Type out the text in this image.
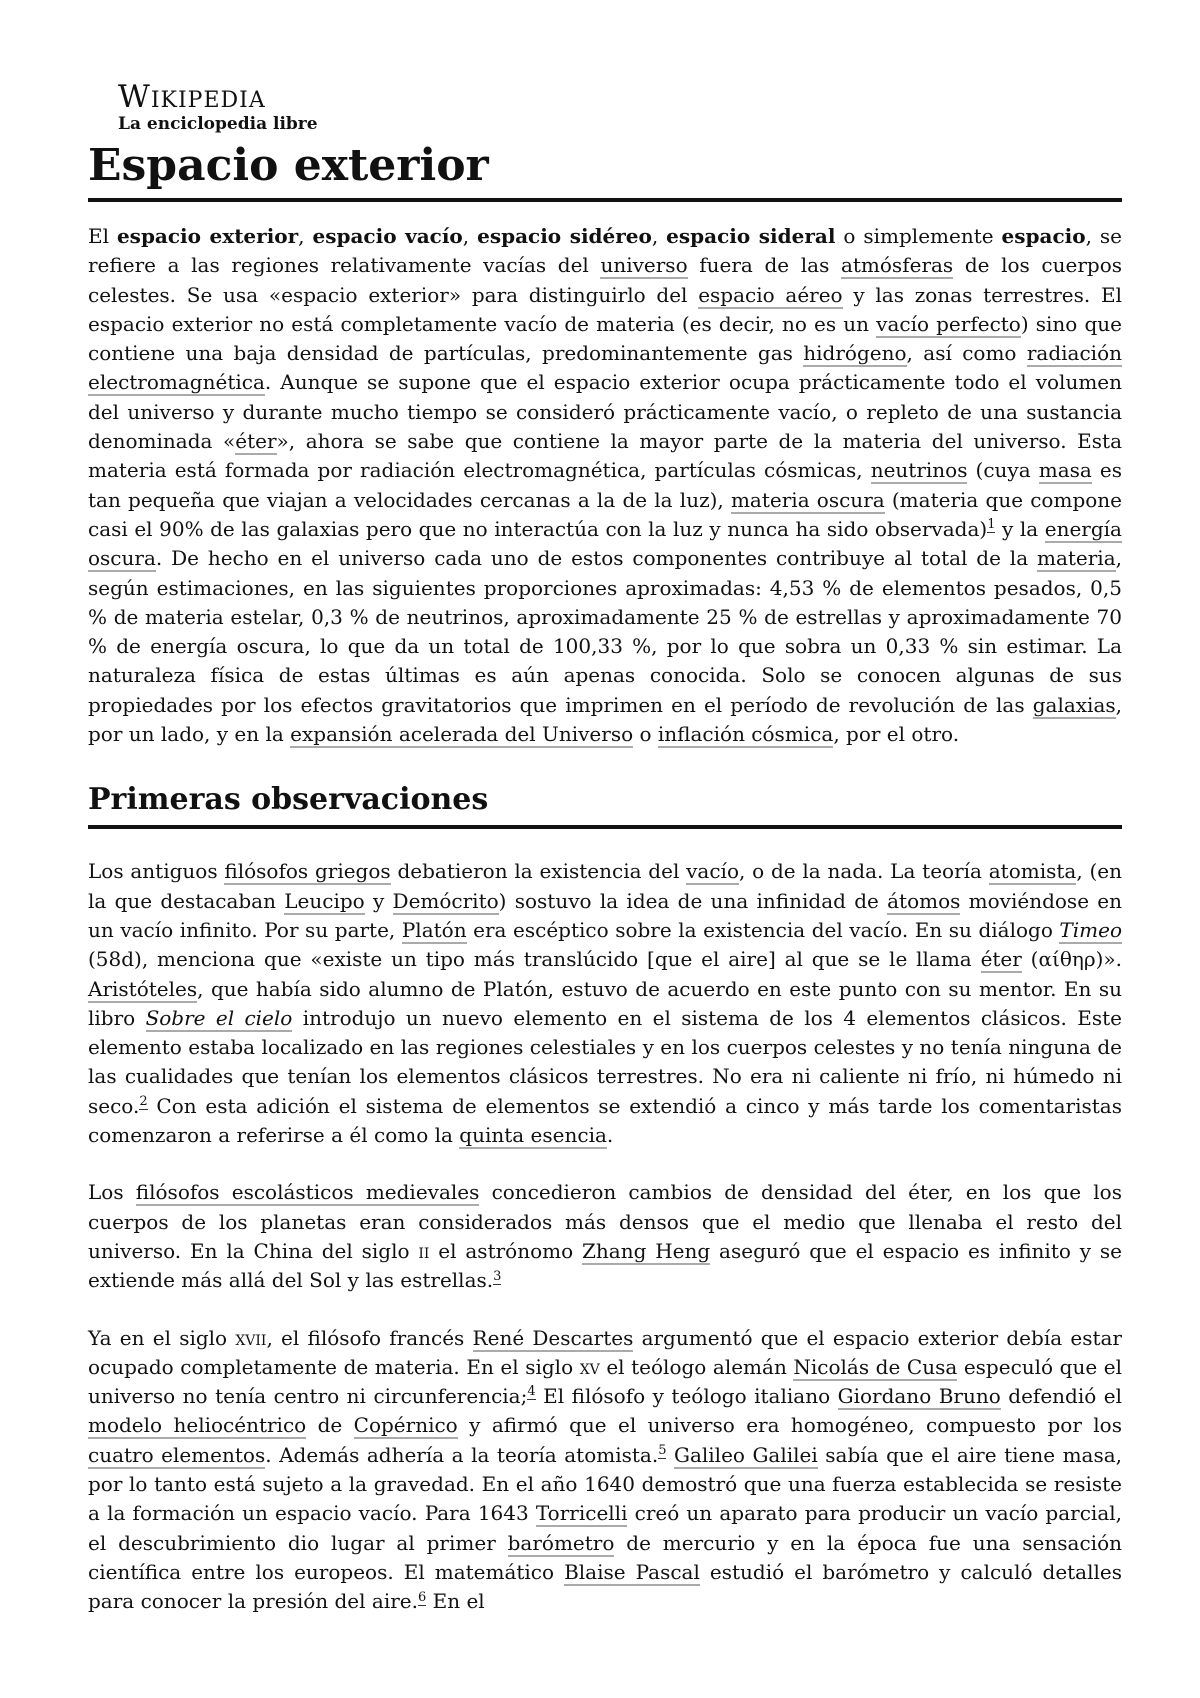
Wikipedia
La enciclopedia libre
Espacio exterior

El espacio exterior, espacio vacío, espacio sidéreo, espacio sideral o simplemente espacio, se refiere a las regiones relativamente vacías del universo fuera de las atmósferas de los cuerpos celestes. Se usa «espacio exterior» para distinguirlo del espacio aéreo y las zonas terrestres. El espacio exterior no está completamente vacío de materia (es decir, no es un vacío perfecto) sino que contiene una baja densidad de partículas, predominantemente gas hidrógeno, así como radiación electromagnética. Aunque se supone que el espacio exterior ocupa prácticamente todo el volumen del universo y durante mucho tiempo se consideró prácticamente vacío, o repleto de una sustancia denominada «éter», ahora se sabe que contiene la mayor parte de la materia del universo. Esta materia está formada por radiación electromagnética, partículas cósmicas, neutrinos (cuya masa es tan pequeña que viajan a velocidades cercanas a la de la luz), materia oscura (materia que compone casi el 90% de las galaxias pero que no interactúa con la luz y nunca ha sido observada)$^1$ y la energía oscura. De hecho en el universo cada uno de estos componentes contribuye al total de la materia, según estimaciones, en las siguientes proporciones aproximadas: 4,53 % de elementos pesados, 0,5 % de materia estelar, 0,3 % de neutrinos, aproximadamente 25 % de estrellas y aproximadamente 70 % de energía oscura, lo que da un total de 100,33 %, por lo que sobra un 0,33 % sin estimar. La naturaleza física de estas últimas es aún apenas conocida. Solo se conocen algunas de sus propiedades por los efectos gravitatorios que imprimen en el período de revolución de las galaxias, por un lado, y en la expansión acelerada del Universo o inflación cósmica, por el otro.

Primeras observaciones

Los antiguos filósofos griegos debatieron la existencia del vacío, o de la nada. La teoría atomista, (en la que destacaban Leucipo y Demócrito) sostuvo la idea de una infinidad de átomos moviéndose en un vacío infinito. Por su parte, Platón era escéptico sobre la existencia del vacío. En su diálogo Timeo (58d), menciona que «existe un tipo más translúcido [que el aire] al que se le llama éter (αίθηρ)». Aristóteles, que había sido alumno de Platón, estuvo de acuerdo en este punto con su mentor. En su libro Sobre el cielo introdujo un nuevo elemento en el sistema de los 4 elementos clásicos. Este elemento estaba localizado en las regiones celestiales y en los cuerpos celestes y no tenía ninguna de las cualidades que tenían los elementos clásicos terrestres. No era ni caliente ni frío, ni húmedo ni seco.$^2$ Con esta adición el sistema de elementos se extendió a cinco y más tarde los comentaristas comenzaron a referirse a él como la quinta esencia.

Los filósofos escolásticos medievales concedieron cambios de densidad del éter, en los que los cuerpos de los planetas eran considerados más densos que el medio que llenaba el resto del universo. En la China del siglo ii el astrónomo Zhang Heng aseguró que el espacio es infinito y se extiende más allá del Sol y las estrellas.$^3$

Ya en el siglo xvii, el filósofo francés René Descartes argumentó que el espacio exterior debía estar ocupado completamente de materia. En el siglo xv el teólogo alemán Nicolás de Cusa especuló que el universo no tenía centro ni circunferencia;$^4$ El filósofo y teólogo italiano Giordano Bruno defendió el modelo heliocéntrico de Copérnico y afirmó que el universo era homogéneo, compuesto por los cuatro elementos. Además adhería a la teoría atomista.$^5$ Galileo Galilei sabía que el aire tiene masa, por lo tanto está sujeto a la gravedad. En el año 1640 demostró que una fuerza establecida se resiste a la formación un espacio vacío. Para 1643 Torricelli creó un aparato para producir un vacío parcial, el descubrimiento dio lugar al primer barómetro de mercurio y en la época fue una sensación científica entre los europeos. El matemático Blaise Pascal estudió el barómetro y calculó detalles para conocer la presión del aire.$^6$ En el
